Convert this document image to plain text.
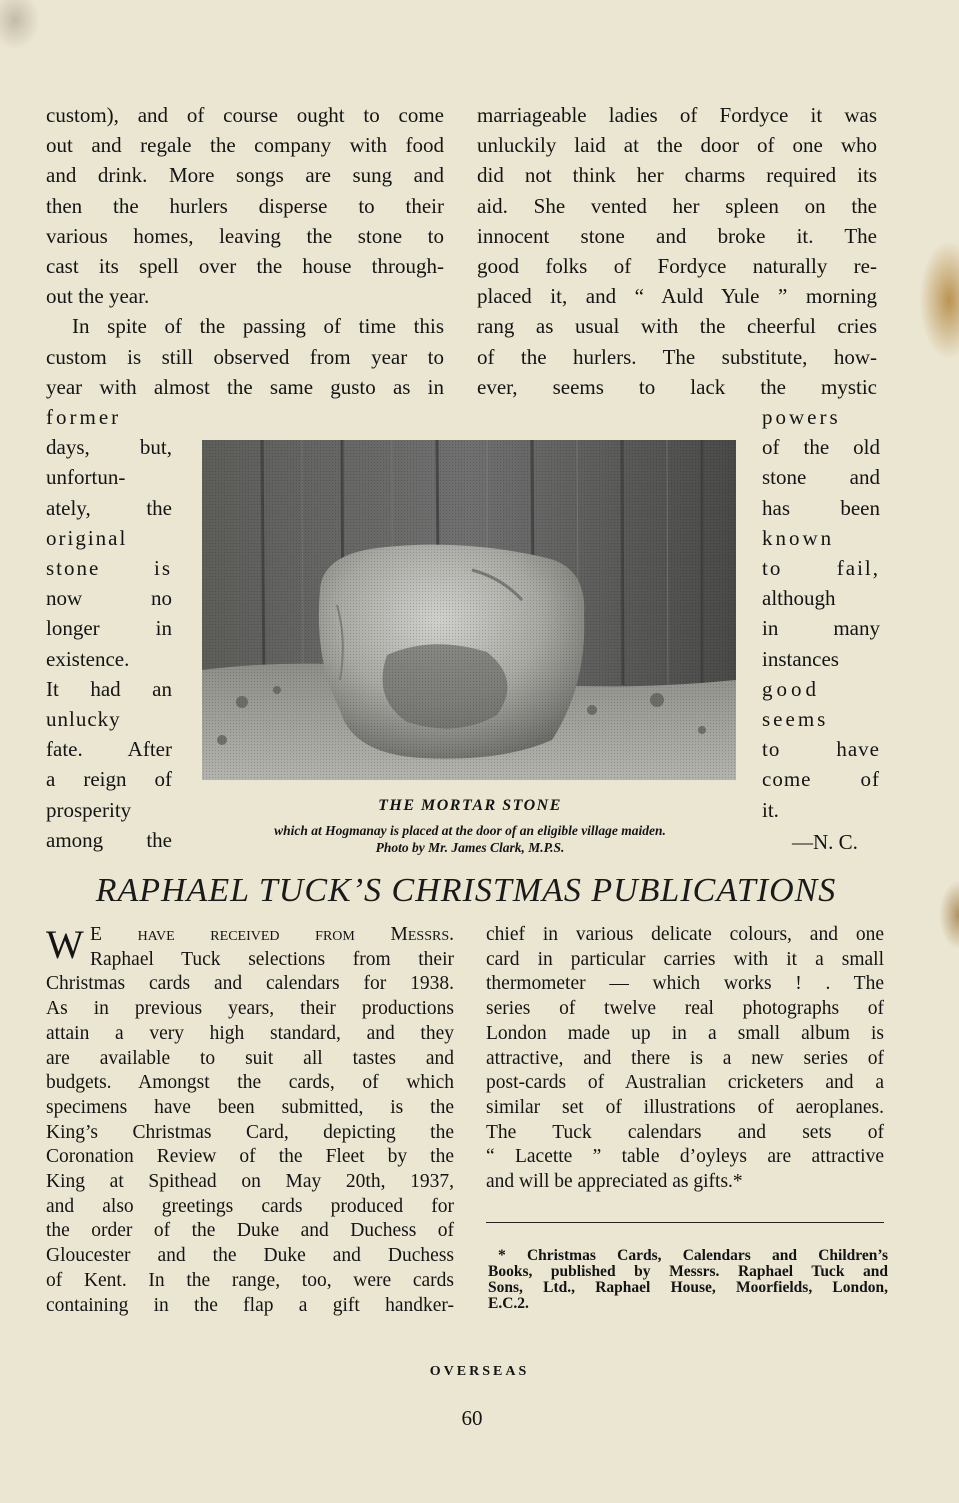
custom), and of course ought to come
out and regale the company with food
and drink. More songs are sung and
then the hurlers disperse to their
various homes, leaving the stone to
cast its spell over the house through-
out the year.
In spite of the passing of time this
custom is still observed from year to
year with almost the same gusto as in
marriageable ladies of Fordyce it was
unluckily laid at the door of one who
did not think her charms required its
aid. She vented her spleen on the
innocent stone and broke it. The
good folks of Fordyce naturally re-
placed it, and “ Auld Yule ” morning
rang as usual with the cheerful cries
of the hurlers. The substitute, how-
ever, seems to lack the mystic
former
days, but,
unfortun-
ately, the
original
stone is
now no
longer in
existence.
It had an
unlucky
fate. After
a reign of
prosperity
among the
powers
of the old
stone and
has been
known
to fail,
although
in many
instances
good
seems
to have
come of
it.
THE MORTAR STONE
which at Hogmanay is placed at the door of an eligible village maiden.
Photo by Mr. James Clark, M.P.S.	—N. C.
RAPHAEL TUCK’S CHRISTMAS PUBLICATIONS
W E have received from Messrs.
Raphael Tuck selections from their
Christmas cards and calendars for 1938.
As in previous years, their productions
attain a very high standard, and they
are available to suit all tastes and
budgets. Amongst the cards, of which
specimens have been submitted, is the
King’s Christmas Card, depicting the
Coronation Review of the Fleet by the
King at Spithead on May 20th, 1937,
and also greetings cards produced for
the order of the Duke and Duchess of
Gloucester and the Duke and Duchess
of Kent. In the range, too, were cards
containing in the flap a gift handker-
chief in various delicate colours, and one
card in particular carries with it a small
thermometer — which works ! . The
series of twelve real photographs of
London made up in a small album is
attractive, and there is a new series of
post-cards of Australian cricketers and a
similar set of illustrations of aeroplanes.
The Tuck calendars and sets of
“ Lacette ” table d’oyleys are attractive
and will be appreciated as gifts.*
* Christmas Cards, Calendars and Children’s
Books, published by Messrs. Raphael Tuck and
Sons, Ltd., Raphael House, Moorfields, London,
E.C.2.
OVERSEAS
60
